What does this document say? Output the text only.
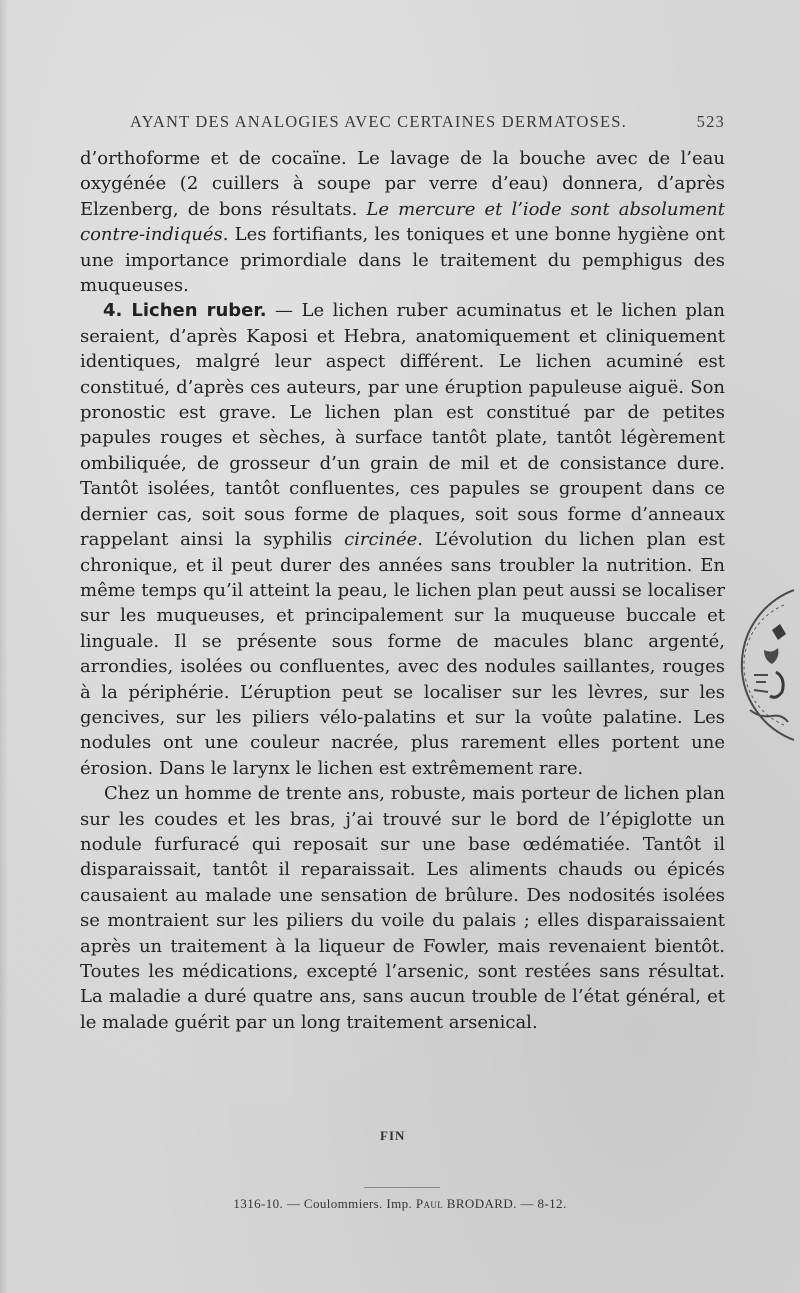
AYANT DES ANALOGIES AVEC CERTAINES DERMATOSES.	523

d’orthoforme et de cocaïne. Le lavage de la bouche avec de l’eau oxygénée (2 cuillers à soupe par verre d’eau) donnera, d’après Elzenberg, de bons résultats. Le mercure et l’iode sont absolument contre-indiqués. Les fortifiants, les toniques et une bonne hygiène ont une importance primordiale dans le traitement du pemphigus des muqueuses.

4. Lichen ruber. — Le lichen ruber acuminatus et le lichen plan seraient, d’après Kaposi et Hebra, anatomiquement et cliniquement identiques, malgré leur aspect différent. Le lichen acuminé est constitué, d’après ces auteurs, par une éruption papuleuse aiguë. Son pronostic est grave. Le lichen plan est constitué par de petites papules rouges et sèches, à surface tantôt plate, tantôt légèrement ombiliquée, de grosseur d’un grain de mil et de consistance dure. Tantôt isolées, tantôt confluentes, ces papules se groupent dans ce dernier cas, soit sous forme de plaques, soit sous forme d’anneaux rappelant ainsi la syphilis circinée. L’évolution du lichen plan est chronique, et il peut durer des années sans troubler la nutrition. En même temps qu’il atteint la peau, le lichen plan peut aussi se localiser sur les muqueuses, et principalement sur la muqueuse buccale et linguale. Il se présente sous forme de macules blanc argenté, arrondies, isolées ou confluentes, avec des nodules saillantes, rouges à la périphérie. L’éruption peut se localiser sur les lèvres, sur les gencives, sur les piliers vélo-palatins et sur la voûte palatine. Les nodules ont une couleur nacrée, plus rarement elles portent une érosion. Dans le larynx le lichen est extrêmement rare.

Chez un homme de trente ans, robuste, mais porteur de lichen plan sur les coudes et les bras, j’ai trouvé sur le bord de l’épiglotte un nodule furfuracé qui reposait sur une base œdématiée. Tantôt il disparaissait, tantôt il reparaissait. Les aliments chauds ou épicés causaient au malade une sensation de brûlure. Des nodosités isolées se montraient sur les piliers du voile du palais ; elles disparaissaient après un traitement à la liqueur de Fowler, mais revenaient bientôt. Toutes les médications, excepté l’arsenic, sont restées sans résultat. La maladie a duré quatre ans, sans aucun trouble de l’état général, et le malade guérit par un long traitement arsenical.

FIN
1316-10. — Coulommiers. Imp. Paul BRODARD. — 8-12.
